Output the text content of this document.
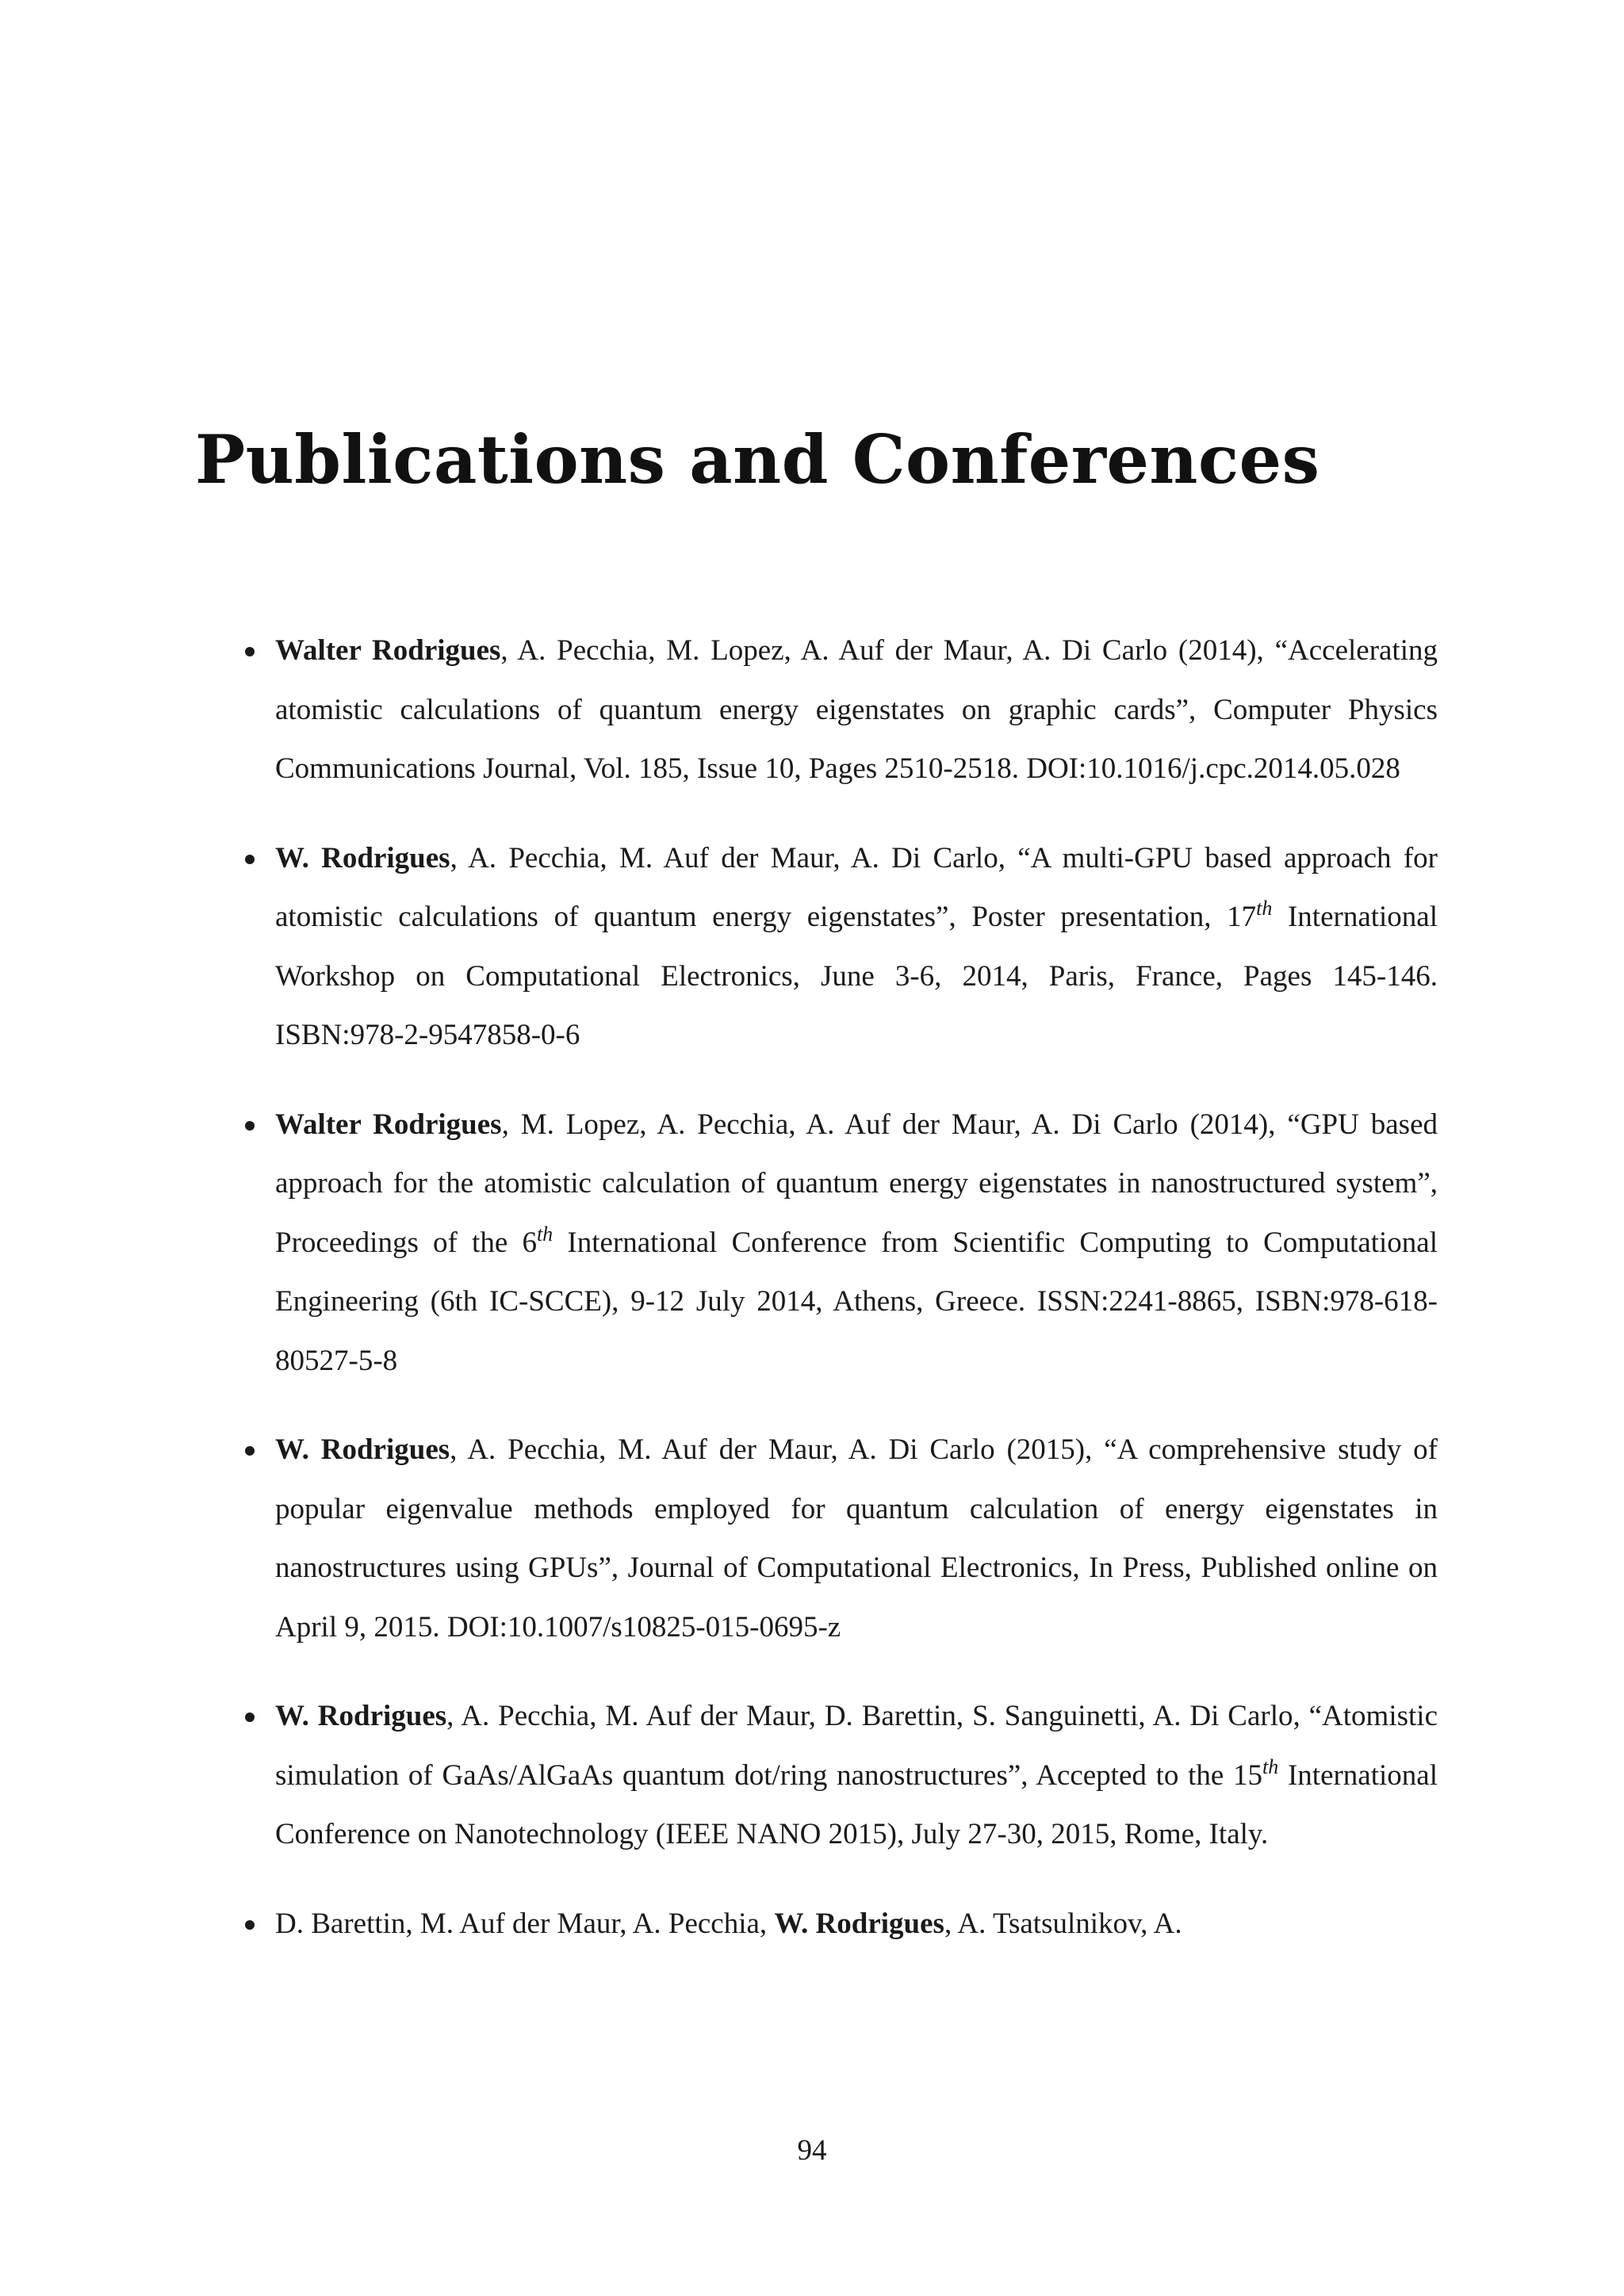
Publications and Conferences
Walter Rodrigues, A. Pecchia, M. Lopez, A. Auf der Maur, A. Di Carlo (2014), “Accelerating atomistic calculations of quantum energy eigenstates on graphic cards”, Computer Physics Communications Journal, Vol. 185, Issue 10, Pages 2510-2518. DOI:10.1016/j.cpc.2014.05.028
W. Rodrigues, A. Pecchia, M. Auf der Maur, A. Di Carlo, “A multi-GPU based approach for atomistic calculations of quantum energy eigenstates”, Poster presentation, 17th International Workshop on Computational Electronics, June 3-6, 2014, Paris, France, Pages 145-146. ISBN:978-2-9547858-0-6
Walter Rodrigues, M. Lopez, A. Pecchia, A. Auf der Maur, A. Di Carlo (2014), “GPU based approach for the atomistic calculation of quantum energy eigenstates in nanostructured system”, Proceedings of the 6th International Conference from Scientific Computing to Computational Engineering (6th IC-SCCE), 9-12 July 2014, Athens, Greece. ISSN:2241-8865, ISBN:978-618-80527-5-8
W. Rodrigues, A. Pecchia, M. Auf der Maur, A. Di Carlo (2015), “A comprehensive study of popular eigenvalue methods employed for quantum calculation of energy eigenstates in nanostructures using GPUs”, Journal of Computational Electronics, In Press, Published online on April 9, 2015. DOI:10.1007/s10825-015-0695-z
W. Rodrigues, A. Pecchia, M. Auf der Maur, D. Barettin, S. Sanguinetti, A. Di Carlo, “Atomistic simulation of GaAs/AlGaAs quantum dot/ring nanostructures”, Accepted to the 15th International Conference on Nanotechnology (IEEE NANO 2015), July 27-30, 2015, Rome, Italy.
D. Barettin, M. Auf der Maur, A. Pecchia, W. Rodrigues, A. Tsatsulnikov, A.
94
